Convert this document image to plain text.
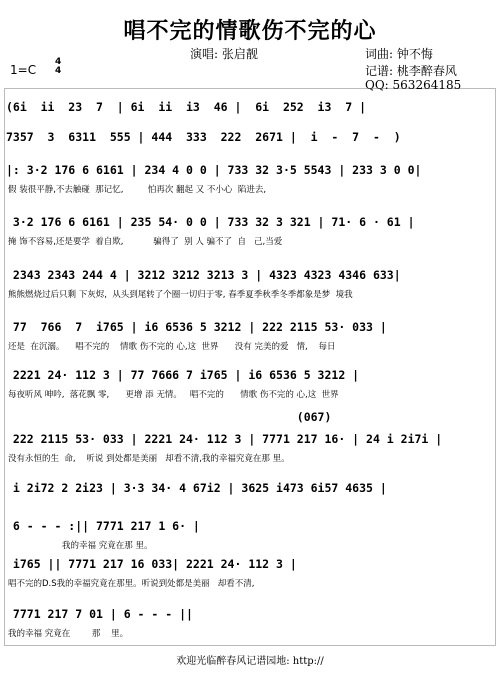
唱不完的情歌伤不完的心
演唱: 张启靓	词曲: 钟不悔
记谱: 桃李醉春风
QQ: 563264185
1=C
4
4
(6i  ii  23  7  | 6i  ii  i3  46 |  6i  252  i3  7 |
7357  3  6311  555 | 444  333  222  2671 |  i  -  7  -  )
|: 3·2 176 6 6161 | 234 4 0 0 | 733 32 3·5 5543 | 233 3 0 0|
假 装很平静,不去触碰  那记忆,         怕再次 翻起 又 不小心  陷进去,
3·2 176 6 6161 | 235 54· 0 0 | 733 32 3 321 | 71· 6 · 61 |
掩 饰不容易,还是要学  着自欺,           骗得了  别 人 骗不了  自   己,当爱
2343 2343 244 4 | 3212 3212 3213 3 | 4323 4323 4346 633|
熊熊燃烧过后只剩 下灰烬,  从头到尾转了个圈一切归于零, 春季夏季秋季冬季都象是梦  境我
77  766  7  i765 | i6 6536 5 3212 | 222 2115 53· 033 |
还是  在沉溺。    唱不完的    情歌 伤不完的 心,这  世界      没有 完美的爱   情,    每日
2221 24· 112 3 | 77 7666 7 i765 | i6 6536 5 3212 |
每夜听风 呻吟,  落花飘 零,      更增 添 无情。   唱不完的      情歌 伤不完的 心,这  世界
(067)
222 2115 53· 033 | 2221 24· 112 3 | 7771 217 16· | 24 i 2i7i |
没有永恒的生  命,    听说 到处都是美丽   却看不清,我的幸福究竟在那 里。
i 2i72 2 2i23 | 3·3 34· 4 67i2 | 3625 i473 6i57 4635 |
6 - - - :|| 7771 217 1 6· |
我的幸福 究竟在那 里。
i765 || 7771 217 16 033| 2221 24· 112 3 |
唱不完的D.S我的幸福究竟在那里。听说到处都是美丽   却看不清,
7771 217 7 01 | 6 - - - ||
我的幸福 究竟在        那    里。
欢迎光临醉春风记谱园地: http://
